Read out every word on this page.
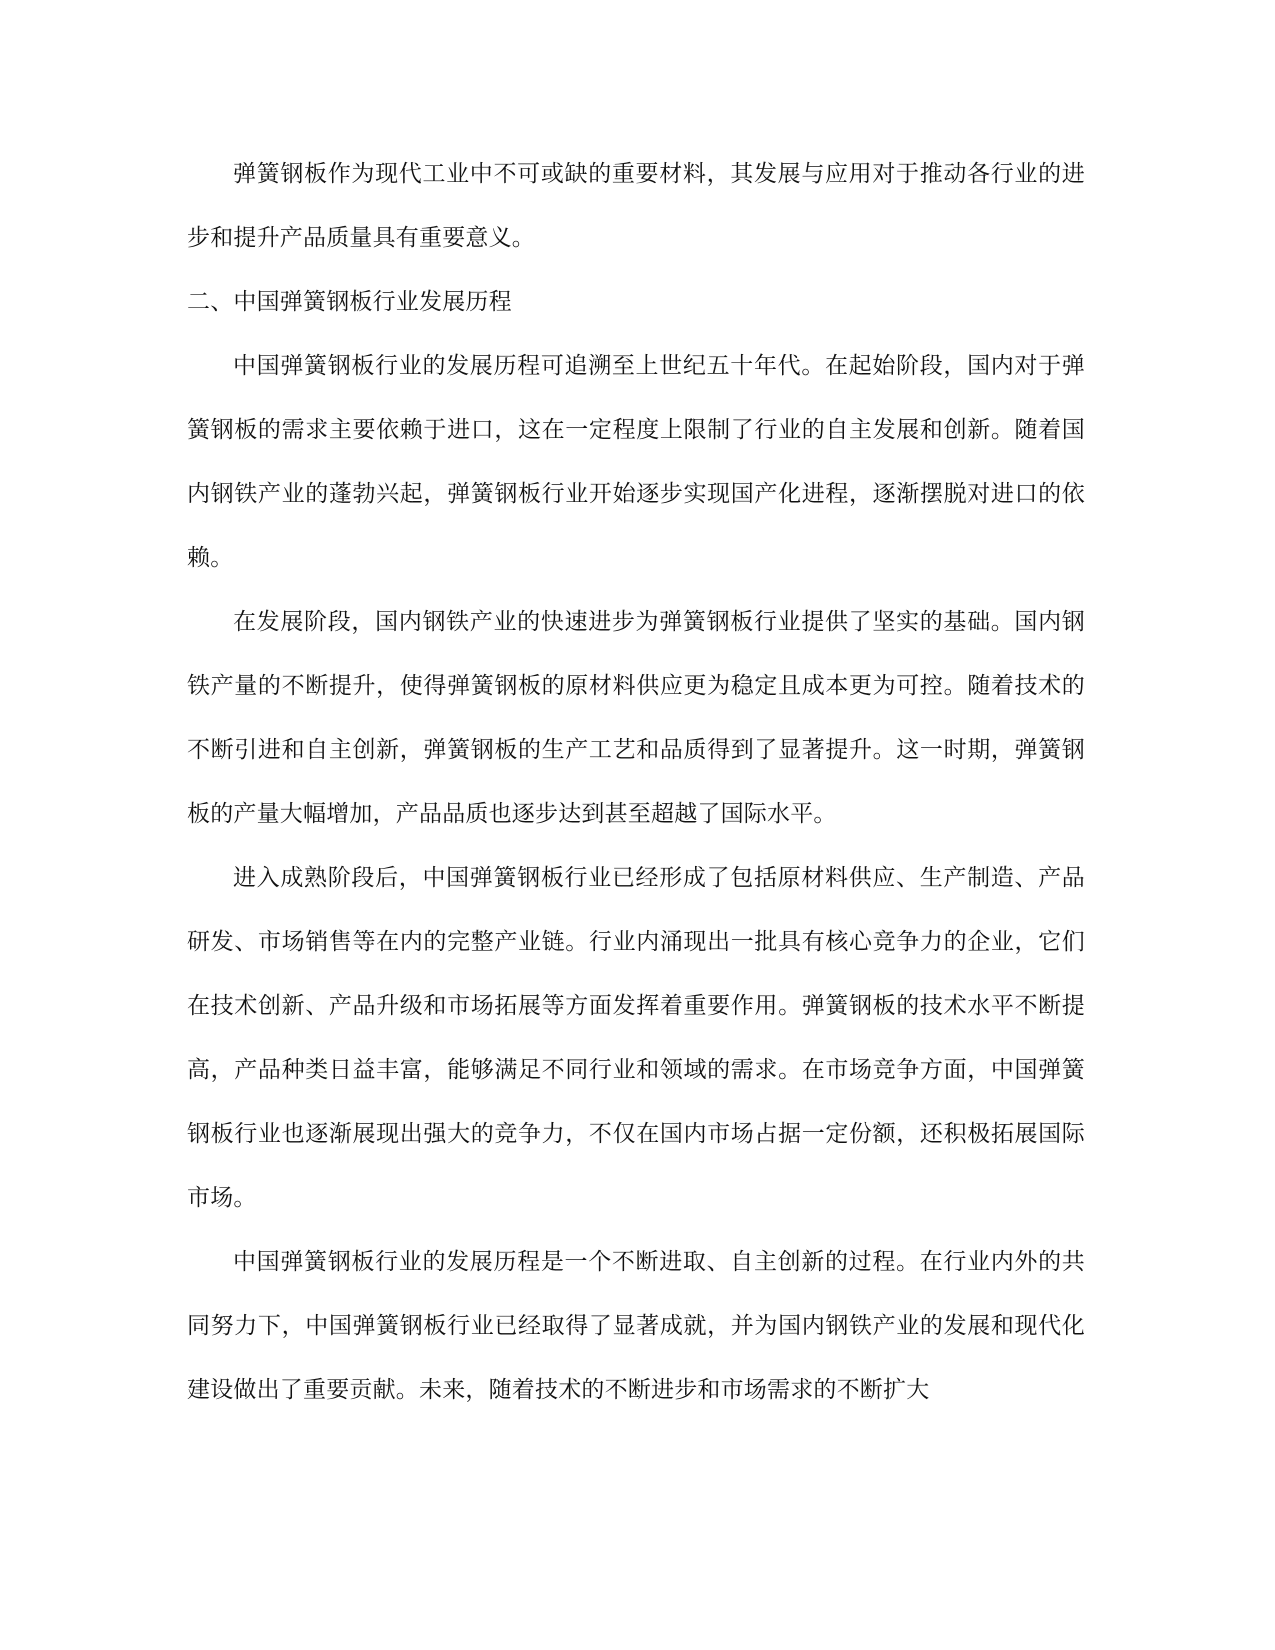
弹簧钢板作为现代工业中不可或缺的重要材料，其发展与应用对于推动各行业的进步和提升产品质量具有重要意义。

二、中国弹簧钢板行业发展历程

中国弹簧钢板行业的发展历程可追溯至上世纪五十年代。在起始阶段，国内对于弹簧钢板的需求主要依赖于进口，这在一定程度上限制了行业的自主发展和创新。随着国内钢铁产业的蓬勃兴起，弹簧钢板行业开始逐步实现国产化进程，逐渐摆脱对进口的依赖。

在发展阶段，国内钢铁产业的快速进步为弹簧钢板行业提供了坚实的基础。国内钢铁产量的不断提升，使得弹簧钢板的原材料供应更为稳定且成本更为可控。随着技术的不断引进和自主创新，弹簧钢板的生产工艺和品质得到了显著提升。这一时期，弹簧钢板的产量大幅增加，产品品质也逐步达到甚至超越了国际水平。

进入成熟阶段后，中国弹簧钢板行业已经形成了包括原材料供应、生产制造、产品研发、市场销售等在内的完整产业链。行业内涌现出一批具有核心竞争力的企业，它们在技术创新、产品升级和市场拓展等方面发挥着重要作用。弹簧钢板的技术水平不断提高，产品种类日益丰富，能够满足不同行业和领域的需求。在市场竞争方面，中国弹簧钢板行业也逐渐展现出强大的竞争力，不仅在国内市场占据一定份额，还积极拓展国际市场。

中国弹簧钢板行业的发展历程是一个不断进取、自主创新的过程。在行业内外的共同努力下，中国弹簧钢板行业已经取得了显著成就，并为国内钢铁产业的发展和现代化建设做出了重要贡献。未来，随着技术的不断进步和市场需求的不断扩大
